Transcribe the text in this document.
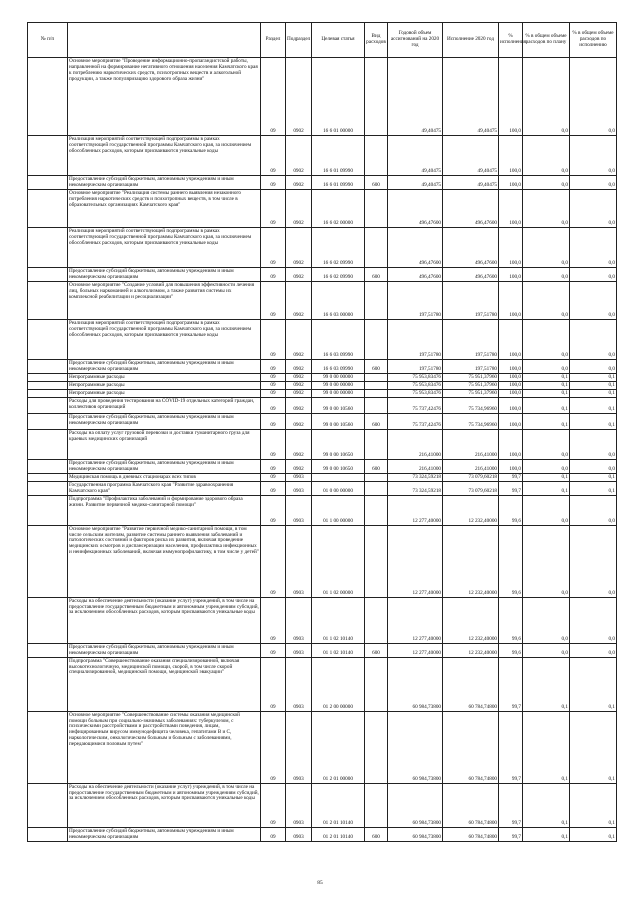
№ п/п		Раздел	Подраздел	Целевая статья	Вид расходов	Годовой объем ассигнований на 2020 год	Исполнение 2020 год	% исполнения	% в общем объеме расходов по плану	% в общем объеме расходов по исполнению
	Основное мероприятие "Проведение информационно-пропагандистской работы, направленной на формирование негативного отношения населения Камчатского края к потреблению наркотических средств, психотропных веществ и алкогольной продукции, а также популяризацию здорового образа жизни"	09	0902	16 6 01 00000		49,40475	49,40475	100,0	0,0	0,0
	Реализация мероприятий соответствующей подпрограммы в рамках соответствующей государственной программы Камчатского края, за исключением обособленных расходов, которым присваиваются уникальные коды	09	0902	16 6 01 09990		49,40475	49,40475	100,0	0,0	0,0
	Предоставление субсидий бюджетным, автономным учреждениям и иным некоммерческим организациям	09	0902	16 6 01 09990	600	49,40475	49,40475	100,0	0,0	0,0
	Основное мероприятие "Реализация системы раннего выявления незаконного потребления наркотических средств и психотропных веществ, в том числе в образовательных организациях Камчатского края"	09	0902	16 6 02 00000		496,47600	496,47600	100,0	0,0	0,0
	Реализация мероприятий соответствующей подпрограммы в рамках соответствующей государственной программы Камчатского края, за исключением обособленных расходов, которым присваиваются уникальные коды	09	0902	16 6 02 09990		496,47600	496,47600	100,0	0,0	0,0
	Предоставление субсидий бюджетным, автономным учреждениям и иным некоммерческим организациям	09	0902	16 6 02 09990	600	496,47600	496,47600	100,0	0,0	0,0
	Основное мероприятие "Создание условий для повышения эффективности лечения лиц, больных наркоманией и алкоголизмом, а также развития системы их комплексной реабилитации и ресоциализации"	09	0902	16 6 03 00000		197,51780	197,51780	100,0	0,0	0,0
	Реализация мероприятий соответствующей подпрограммы в рамках соответствующей государственной программы Камчатского края, за исключением обособленных расходов, которым присваиваются уникальные коды	09	0902	16 6 03 09990		197,51780	197,51780	100,0	0,0	0,0
	Предоставление субсидий бюджетным, автономным учреждениям и иным некоммерческим организациям	09	0902	16 6 03 09990	600	197,51780	197,51780	100,0	0,0	0,0
	Непрограммные расходы	09	0902	99 0 00 00000		75 953,83476	75 951,37960	100,0	0,1	0,1
	Непрограммные расходы	09	0902	99 0 00 00000		75 953,83476	75 951,37960	100,0	0,1	0,1
	Непрограммные расходы	09	0902	99 0 00 00000		75 953,83476	75 951,37960	100,0	0,1	0,1
	Расходы для проведения тестирования на COVID-19 отдельных категорий граждан, коллективов организаций	09	0902	99 0 00 10560		75 737,42476	75 734,96960	100,0	0,1	0,1
	Предоставление субсидий бюджетным, автономным учреждениям и иным некоммерческим организациям	09	0902	99 0 00 10560	600	75 737,42476	75 734,96960	100,0	0,1	0,1
	Расходы на оплату услуг грузовой перевозки и доставки гуманитарного груза для краевых медицинских организаций	09	0902	99 0 00 10650		216,41000	216,41000	100,0	0,0	0,0
	Предоставление субсидий бюджетным, автономным учреждениям и иным некоммерческим организациям	09	0902	99 0 00 10650	600	216,41000	216,41000	100,0	0,0	0,0
	Медицинская помощь в дневных стационарах всех типов	09	0903			73 324,59218	73 079,60218	99,7	0,1	0,1
	Государственная программа Камчатского края "Развитие здравоохранения Камчатского края"	09	0903	01 0 00 00000		73 324,59218	73 079,60218	99,7	0,1	0,1
	Подпрограмма "Профилактика заболеваний и формирование здорового образа жизни. Развитие первичной медико-санитарной помощи"	09	0903	01 1 00 00000		12 277,40000	12 232,40000	99,6	0,0	0,0
	Основное мероприятие "Развитие первичной медико-санитарной помощи, в том числе сельским жителям, развитие системы раннего выявления заболеваний и патологических состояний и факторов риска их развития, включая проведение медицинских осмотров и диспансеризации населения, профилактика инфекционных и неинфекционных заболеваний, включая иммунопрофилактику, в том числе у детей"	09	0903	01 1 02 00000		12 277,40000	12 232,40000	99,6	0,0	0,0
	Расходы на обеспечение деятельности (оказание услуг) учреждений, в том числе на предоставление государственным бюджетным и автономным учреждениям субсидий, за исключением обособленных расходов, которым присваиваются уникальные коды	09	0903	01 1 02 10140		12 277,40000	12 232,40000	99,6	0,0	0,0
	Предоставление субсидий бюджетным, автономным учреждениям и иным некоммерческим организациям	09	0903	01 1 02 10140	600	12 277,40000	12 232,40000	99,6	0,0	0,0
	Подпрограмма "Совершенствование оказания специализированной, включая высокотехнологичную, медицинской помощи, скорой, в том числе скорой специализированной, медицинской помощи, медицинской эвакуации"	09	0903	01 2 00 00000		60 984,73800	60 784,74800	99,7	0,1	0,1
	Основное мероприятие "Совершенствование системы оказания медицинской помощи больным при социально-значимых заболеваниях: туберкулезом, с психическими расстройствами и расстройствами поведения, лицам, инфицированным вирусом иммунодефицита человека, гепатитами В и С, наркологическим, онкологическим больным и больным с заболеваниями, передающимися половым путем"	09	0903	01 2 01 00000		60 984,73800	60 784,74800	99,7	0,1	0,1
	Расходы на обеспечение деятельности (оказание услуг) учреждений, в том числе на предоставление государственным бюджетным и автономным учреждениям субсидий, за исключением обособленных расходов, которым присваиваются уникальные коды	09	0903	01 2 01 10140		60 984,73800	60 784,74800	99,7	0,1	0,1
	Предоставление субсидий бюджетным, автономным учреждениям и иным некоммерческим организациям	09	0903	01 2 01 10140	600	60 984,73800	60 784,74800	99,7	0,1	0,1
85
